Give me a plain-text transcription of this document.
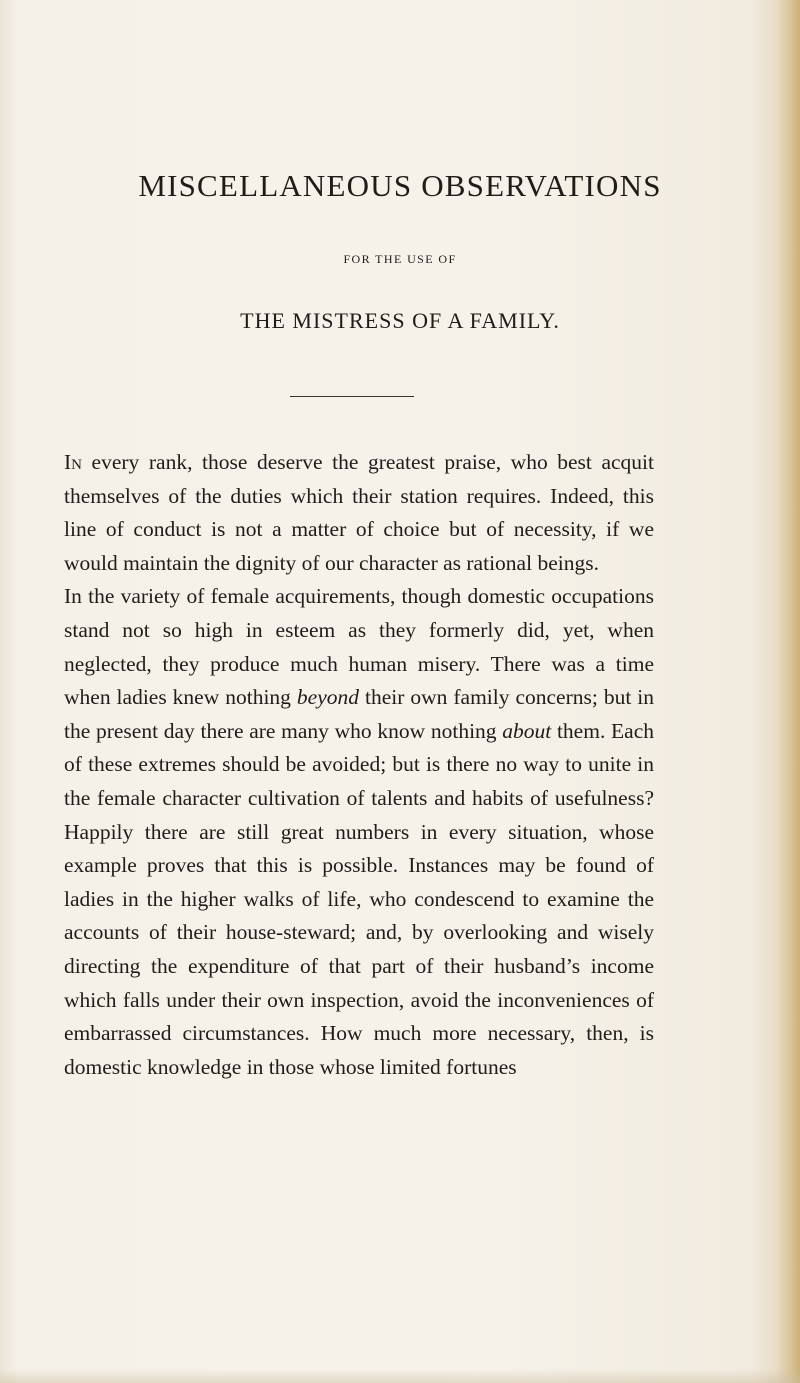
MISCELLANEOUS OBSERVATIONS
FOR THE USE OF
THE MISTRESS OF A FAMILY.

In every rank, those deserve the greatest praise, who best acquit themselves of the duties which their station requires. Indeed, this line of conduct is not a matter of choice but of necessity, if we would maintain the dignity of our character as rational beings.

In the variety of female acquirements, though domestic occupations stand not so high in esteem as they formerly did, yet, when neglected, they produce much human misery. There was a time when ladies knew nothing beyond their own family concerns; but in the present day there are many who know nothing about them. Each of these extremes should be avoided; but is there no way to unite in the female character cultivation of talents and habits of usefulness? Happily there are still great numbers in every situation, whose example proves that this is possible. Instances may be found of ladies in the higher walks of life, who condescend to examine the accounts of their house-steward; and, by overlooking and wisely directing the expenditure of that part of their husband’s income which falls under their own inspection, avoid the inconveniences of embarrassed circumstances. How much more necessary, then, is domestic knowledge in those whose limited fortunes
